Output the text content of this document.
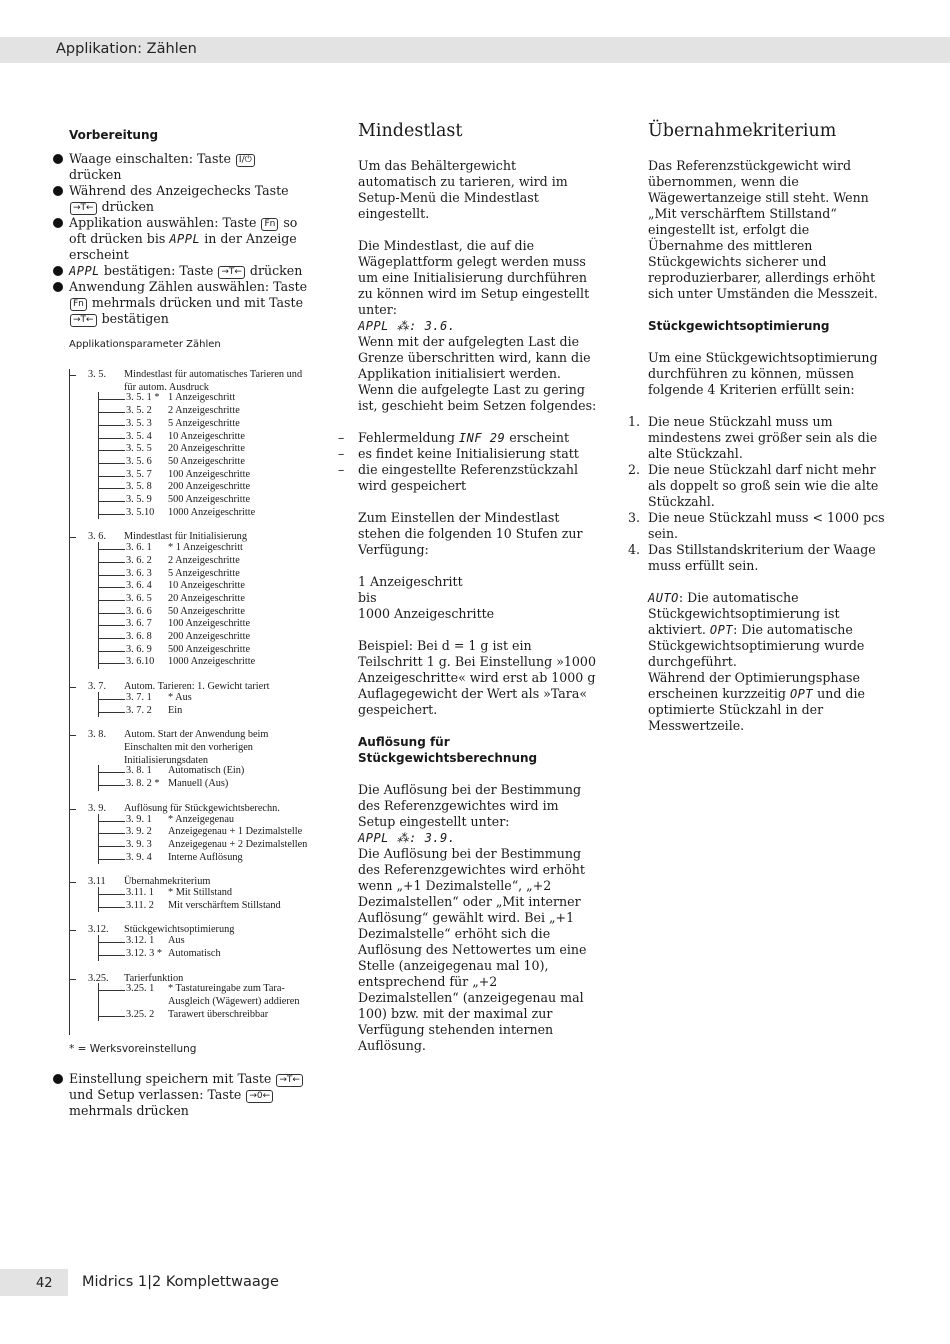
Applikation: Zählen
Vorbereitung
Waage einschalten: Taste I/⏻ drücken
Während des Anzeigechecks Taste →T← drücken
Applikation auswählen: Taste Fn so oft drücken bis APPL in der Anzeige erscheint
APPL bestätigen: Taste →T← drücken
Anwendung Zählen auswählen: Taste Fn mehrmals drücken und mit Taste →T← bestätigen
Applikationsparameter Zählen
3. 5.	Mindestlast für automatisches Tarieren und für autom. Ausdruck
3. 5. 1 * 1 Anzeigeschritt
3. 5. 2	2 Anzeigeschritte
3. 5. 3	5 Anzeigeschritte
3. 5. 4	10 Anzeigeschritte
3. 5. 5	20 Anzeigeschritte
3. 5. 6	50 Anzeigeschritte
3. 5. 7	100 Anzeigeschritte
3. 5. 8	200 Anzeigeschritte
3. 5. 9	500 Anzeigeschritte
3. 5.10	1000 Anzeigeschritte
3. 6.	Mindestlast für Initialisierung
3. 6. 1	* 1 Anzeigeschritt
3. 6. 2	2 Anzeigeschritte
3. 6. 3	5 Anzeigeschritte
3. 6. 4	10 Anzeigeschritte
3. 6. 5	20 Anzeigeschritte
3. 6. 6	50 Anzeigeschritte
3. 6. 7	100 Anzeigeschritte
3. 6. 8	200 Anzeigeschritte
3. 6. 9	500 Anzeigeschritte
3. 6.10	1000 Anzeigeschritte
3. 7.	Autom. Tarieren: 1. Gewicht tariert
3. 7. 1	* Aus
3. 7. 2	Ein
3. 8.	Autom. Start der Anwendung beim Einschalten mit den vorherigen Initialisierungsdaten
3. 8. 1	Automatisch (Ein)
3. 8. 2 * Manuell (Aus)
3. 9.	Auflösung für Stückgewichtsberechn.
3. 9. 1	* Anzeigegenau
3. 9. 2	Anzeigegenau + 1 Dezimalstelle
3. 9. 3	Anzeigegenau + 2 Dezimalstellen
3. 9. 4	Interne Auflösung
3.11	Übernahmekriterium
3.11. 1	* Mit Stillstand
3.11. 2	Mit verschärftem Stillstand
3.12.	Stückgewichtsoptimierung
3.12. 1	Aus
3.12. 3 * Automatisch
3.25.	Tarierfunktion
3.25. 1	* Tastatureingabe zum Tara-Ausgleich (Wägewert) addieren
3.25. 2	Tarawert überschreibbar
* = Werksvoreinstellung
Einstellung speichern mit Taste →T← und Setup verlassen: Taste →0← mehrmals drücken
Mindestlast

Um das Behältergewicht automatisch zu tarieren, wird im Setup-Menü die Mindestlast eingestellt.

Die Mindestlast, die auf die Wägeplattform gelegt werden muss um eine Initialisierung durchführen zu können wird im Setup eingestellt unter:
APPL ⁂: 3.6.
Wenn mit der aufgelegten Last die Grenze überschritten wird, kann die Applikation initialisiert werden. Wenn die aufgelegte Last zu gering ist, geschieht beim Setzen folgendes:

– Fehlermeldung INF 29 erscheint
– es findet keine Initialisierung statt
– die eingestellte Referenzstückzahl wird gespeichert

Zum Einstellen der Mindestlast stehen die folgenden 10 Stufen zur Verfügung:

1 Anzeigeschritt
bis
1000 Anzeigeschritte

Beispiel: Bei d = 1 g ist ein Teilschritt 1 g. Bei Einstellung »1000 Anzeigeschritte« wird erst ab 1000 g Auflagegewicht der Wert als »Tara« gespeichert.

Auflösung für Stückgewichtsberechnung

Die Auflösung bei der Bestimmung des Referenzgewichtes wird im Setup eingestellt unter:

APPL ⁂: 3.9.
Die Auflösung bei der Bestimmung des Referenzgewichtes wird erhöht wenn „+1 Dezimalstelle“, „+2 Dezimalstellen“ oder „Mit interner Auflösung“ gewählt wird. Bei „+1 Dezimalstelle“ erhöht sich die Auflösung des Nettowertes um eine Stelle (anzeigegenau mal 10), entsprechend für „+2 Dezimalstellen“ (anzeigegenau mal 100) bzw. mit der maximal zur Verfügung stehenden internen Auflösung.

Übernahmekriterium

Das Referenzstückgewicht wird übernommen, wenn die Wägewertanzeige still steht. Wenn „Mit verschärftem Stillstand“ eingestellt ist, erfolgt die Übernahme des mittleren Stückgewichts sicherer und reproduzierbarer, allerdings erhöht sich unter Umständen die Messzeit.

Stückgewichtsoptimierung

Um eine Stückgewichtsoptimierung durchführen zu können, müssen folgende 4 Kriterien erfüllt sein:

1. Die neue Stückzahl muss um mindestens zwei größer sein als die alte Stückzahl.
2. Die neue Stückzahl darf nicht mehr als doppelt so groß sein wie die alte Stückzahl.
3. Die neue Stückzahl muss < 1000 pcs sein.
4. Das Stillstandskriterium der Waage muss erfüllt sein.

AUTO: Die automatische Stückgewichtsoptimierung ist aktiviert. OPT: Die automatische Stückgewichtsoptimierung wurde durchgeführt.

Während der Optimierungsphase erscheinen kurzzeitig OPT und die optimierte Stückzahl in der Messwertzeile.

42 Midrics 1|2 Komplettwaage
